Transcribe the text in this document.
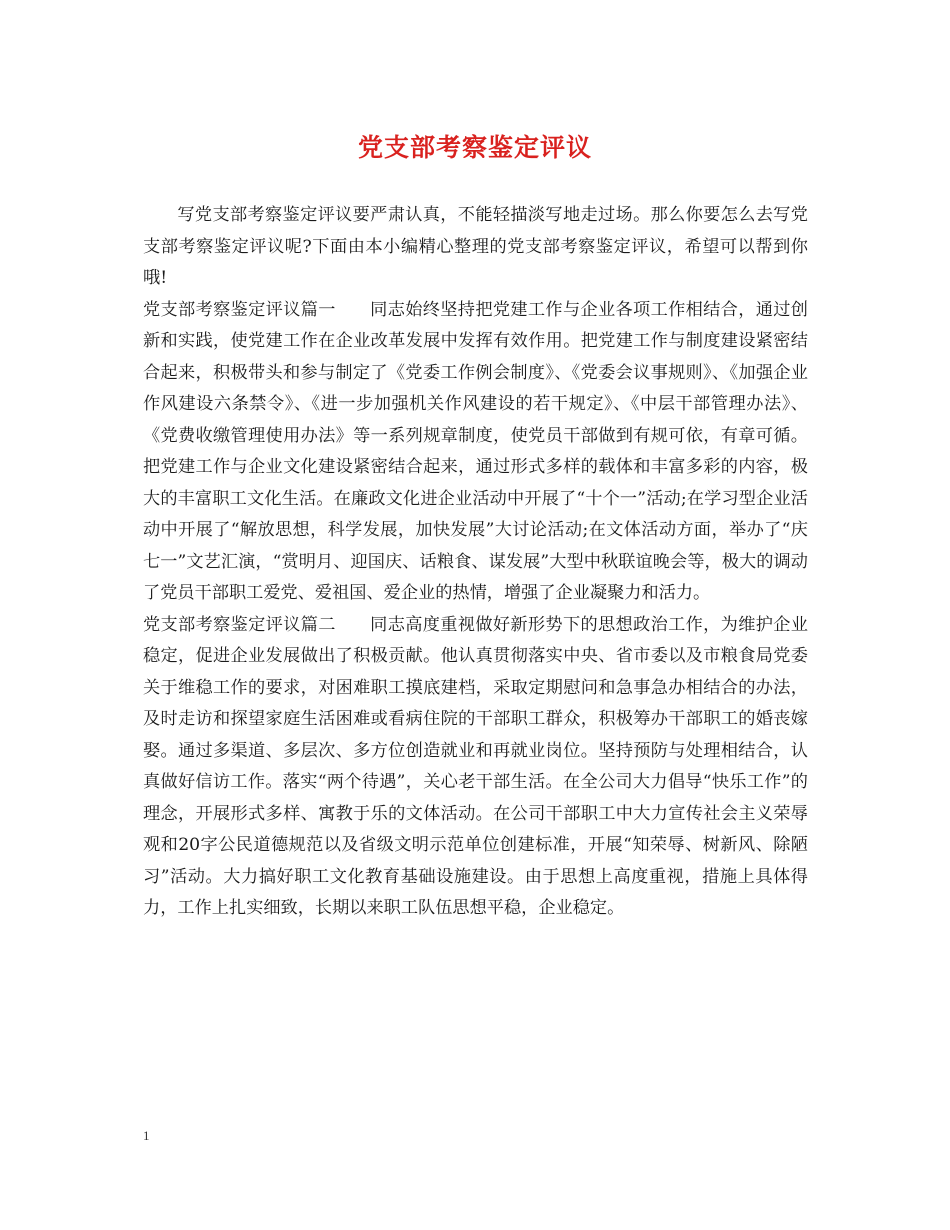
党支部考察鉴定评议

写党支部考察鉴定评议要严肃认真，不能轻描淡写地走过场。那么你要怎么去写党支部考察鉴定评议呢?下面由本小编精心整理的党支部考察鉴定评议，希望可以帮到你哦!

党支部考察鉴定评议篇一 同志始终坚持把党建工作与企业各项工作相结合，通过创新和实践，使党建工作在企业改革发展中发挥有效作用。把党建工作与制度建设紧密结合起来，积极带头和参与制定了《党委工作例会制度》、《党委会议事规则》、《加强企业作风建设六条禁令》、《进一步加强机关作风建设的若干规定》、《中层干部管理办法》、《党费收缴管理使用办法》等一系列规章制度，使党员干部做到有规可依，有章可循。把党建工作与企业文化建设紧密结合起来，通过形式多样的载体和丰富多彩的内容，极大的丰富职工文化生活。在廉政文化进企业活动中开展了“十个一”活动;在学习型企业活动中开展了“解放思想，科学发展，加快发展”大讨论活动;在文体活动方面，举办了“庆七一”文艺汇演，“赏明月、迎国庆、话粮食、谋发展”大型中秋联谊晚会等，极大的调动了党员干部职工爱党、爱祖国、爱企业的热情，增强了企业凝聚力和活力。

党支部考察鉴定评议篇二 同志高度重视做好新形势下的思想政治工作，为维护企业稳定，促进企业发展做出了积极贡献。他认真贯彻落实中央、省市委以及市粮食局党委关于维稳工作的要求，对困难职工摸底建档，采取定期慰问和急事急办相结合的办法，及时走访和探望家庭生活困难或看病住院的干部职工群众，积极筹办干部职工的婚丧嫁娶。通过多渠道、多层次、多方位创造就业和再就业岗位。坚持预防与处理相结合，认真做好信访工作。落实“两个待遇”，关心老干部生活。在全公司大力倡导“快乐工作”的理念，开展形式多样、寓教于乐的文体活动。在公司干部职工中大力宣传社会主义荣辱观和20字公民道德规范以及省级文明示范单位创建标准，开展“知荣辱、树新风、除陋习”活动。大力搞好职工文化教育基础设施建设。由于思想上高度重视，措施上具体得力，工作上扎实细致，长期以来职工队伍思想平稳，企业稳定。

1
